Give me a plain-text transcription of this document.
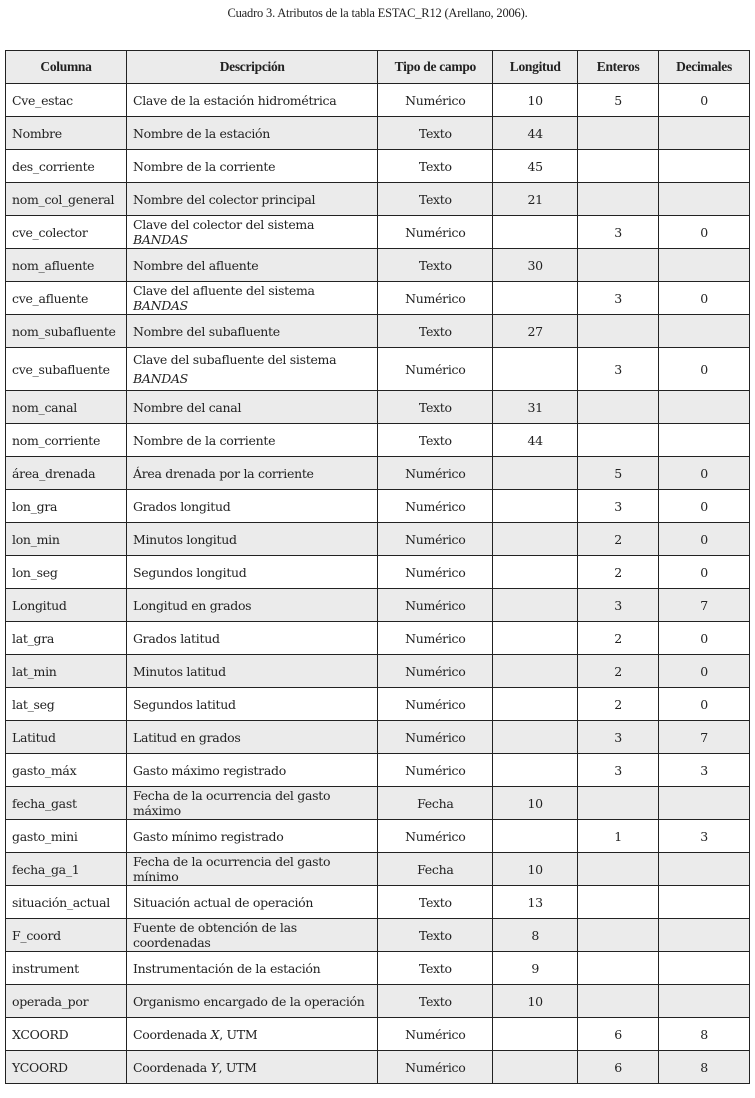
Cuadro 3. Atributos de la tabla ESTAC_R12 (Arellano, 2006).
Columna	Descripción	Tipo de campo	Longitud	Enteros	Decimales
Cve_estac	Clave de la estación hidrométrica	Numérico	10	5	0
Nombre	Nombre de la estación	Texto	44		
des_corriente	Nombre de la corriente	Texto	45		
nom_col_general	Nombre del colector principal	Texto	21		
cve_colector	Clave del colector del sistema BANDAS	Numérico		3	0
nom_afluente	Nombre del afluente	Texto	30		
cve_afluente	Clave del afluente del sistema BANDAS	Numérico		3	0
nom_subafluente	Nombre del subafluente	Texto	27		
cve_subafluente	Clave del subafluente del sistema BANDAS	Numérico		3	0
nom_canal	Nombre del canal	Texto	31		
nom_corriente	Nombre de la corriente	Texto	44		
área_drenada	Área drenada por la corriente	Numérico		5	0
lon_gra	Grados longitud	Numérico		3	0
lon_min	Minutos longitud	Numérico		2	0
lon_seg	Segundos longitud	Numérico		2	0
Longitud	Longitud en grados	Numérico		3	7
lat_gra	Grados latitud	Numérico		2	0
lat_min	Minutos latitud	Numérico		2	0
lat_seg	Segundos latitud	Numérico		2	0
Latitud	Latitud en grados	Numérico		3	7
gasto_máx	Gasto máximo registrado	Numérico		3	3
fecha_gast	Fecha de la ocurrencia del gasto máximo	Fecha	10		
gasto_mini	Gasto mínimo registrado	Numérico		1	3
fecha_ga_1	Fecha de la ocurrencia del gasto mínimo	Fecha	10		
situación_actual	Situación actual de operación	Texto	13		
F_coord	Fuente de obtención de las coordenadas	Texto	8		
instrument	Instrumentación de la estación	Texto	9		
operada_por	Organismo encargado de la operación	Texto	10		
XCOORD	Coordenada X, UTM	Numérico		6	8
YCOORD	Coordenada Y, UTM	Numérico		6	8
